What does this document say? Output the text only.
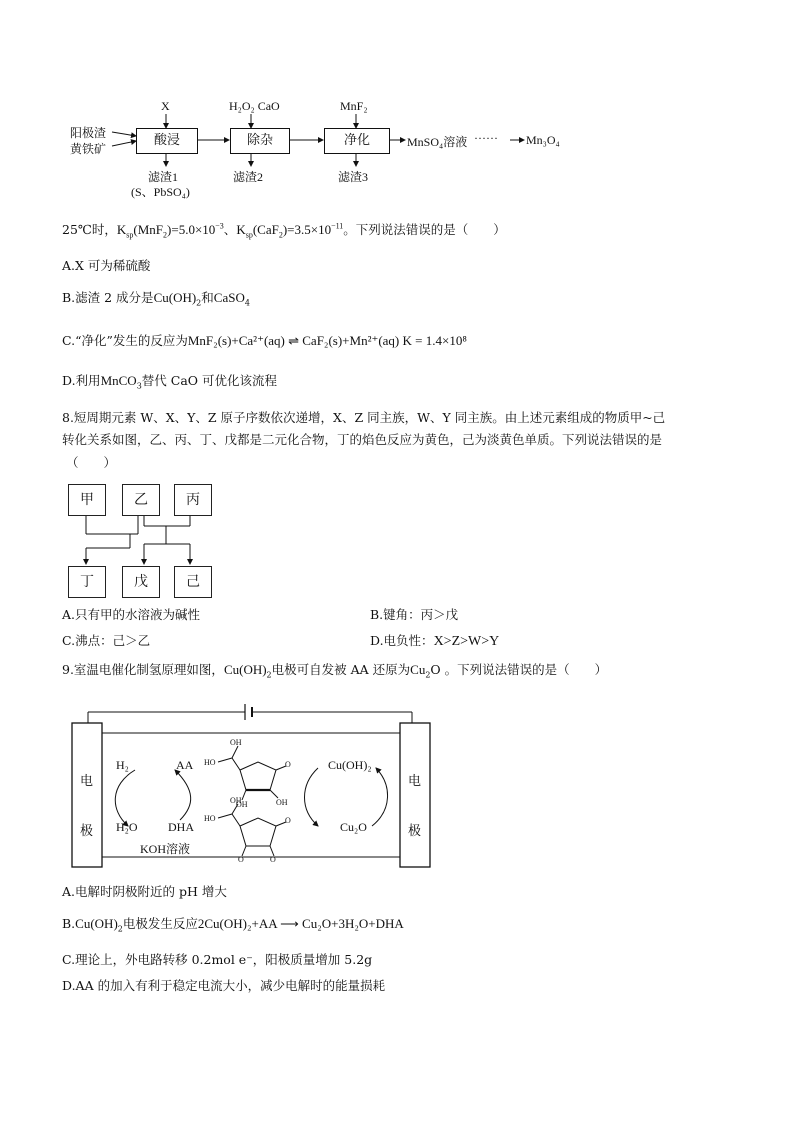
阳极渣
黄铁矿
X	H₂O₂ CaO	MnF₂
酸浸	除杂	净化	MnSO₄溶液 ······ Mn₃O₄
滤渣1
(S、PbSO₄)
滤渣2	滤渣3
25℃时，$K_{sp}(MnF_2)=5.0\times 10^{-3}$、$K_{sp}(CaF_2)=3.5\times 10^{-11}$。下列说法错误的是（　　）
A.X 可为稀硫酸
B.滤渣 2 成分是$Cu(OH)_2$和CaSO$_4$
C.“净化”发生的反应为MnF₂(s)+Ca²⁺(aq) ⇌ CaF₂(s)+Mn²⁺(aq) K = 1.4×10⁸
D.利用MnCO$_3$替代 CaO 可优化该流程
8.短周期元素 W、X、Y、Z 原子序数依次递增，X、Z 同主族，W、Y 同主族。由上述元素组成的物质甲~己
转化关系如图，乙、丙、丁、戊都是二元化合物，丁的焰色反应为黄色，己为淡黄色单质。下列说法错误的是
（　　）
甲	乙	丙
丁	戊	己
A.只有甲的水溶液为碱性	B.键角：丙＞戊
C.沸点：己＞乙	D.电负性：X>Z>W>Y
9.室温电催化制氢原理如图，$Cu(OH)_2$电极可自发被 AA 还原为$Cu_2O$ 。下列说法错误的是（　　）
电
极
电
极
H₂
H₂O
AA
DHA
Cu(OH)₂
Cu₂O
KOH溶液
OH
HO	O
OH	OH
OH
HO	O
O	O
A.电解时阴极附近的 pH 增大
$B.Cu(OH)_2$电极发生反应2Cu(OH)₂+AA ⟶ Cu₂O+3H₂O+DHA
C.理论上，外电路转移 0.2mol e⁻，阳极质量增加 5.2g
D.AA 的加入有利于稳定电流大小，减少电解时的能量损耗
